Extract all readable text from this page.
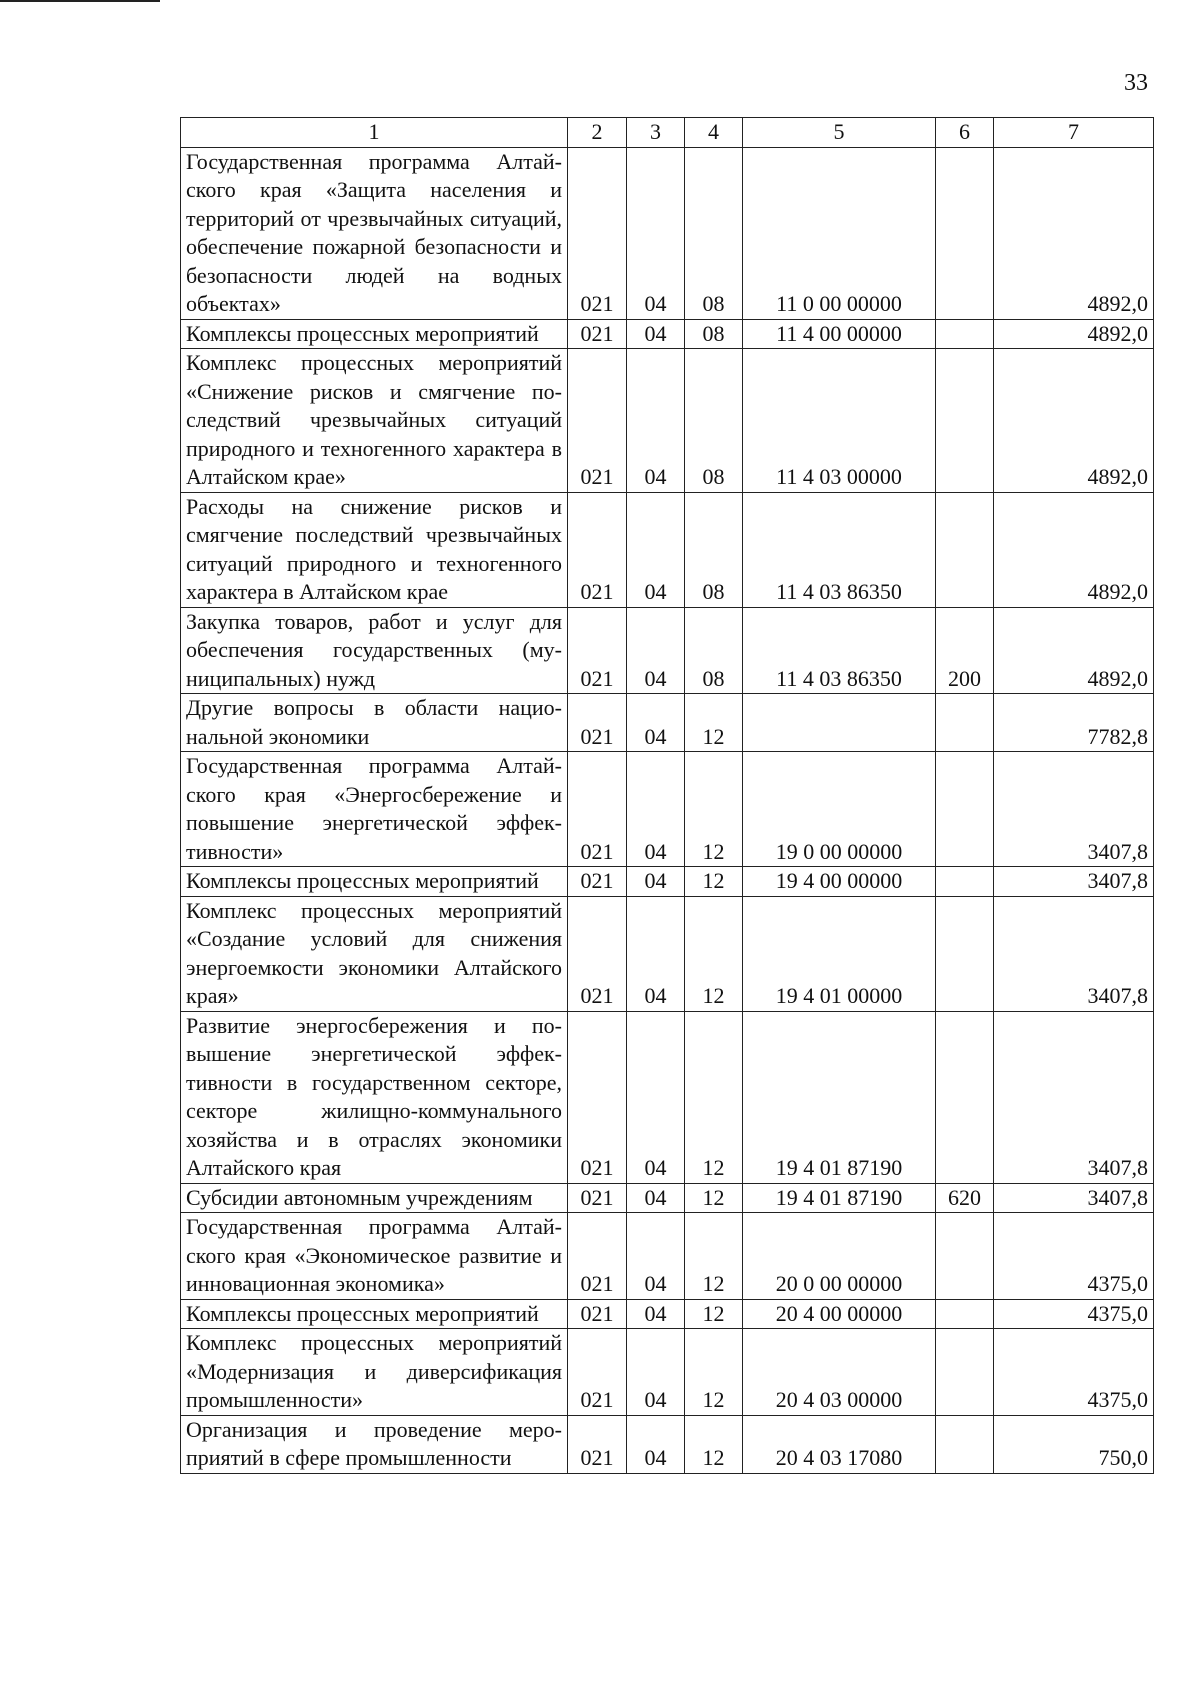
33
1	2	3	4	5	6	7
Государственная программа Алтайского края «Защита населения и территорий от чрезвычайных ситуаций, обеспечение пожарной безопасности и безопасности людей на водных объектах»	021	04	08	11 0 00 00000		4892,0
Комплексы процессных мероприятий	021	04	08	11 4 00 00000		4892,0
Комплекс процессных мероприятий «Снижение рисков и смягчение последствий чрезвычайных ситуаций природного и техногенного характера в Алтайском крае»	021	04	08	11 4 03 00000		4892,0
Расходы на снижение рисков и смягчение последствий чрезвычайных ситуаций природного и техногенного характера в Алтайском крае	021	04	08	11 4 03 86350		4892,0
Закупка товаров, работ и услуг для обеспечения государственных (муниципальных) нужд	021	04	08	11 4 03 86350	200	4892,0
Другие вопросы в области национальной экономики	021	04	12			7782,8
Государственная программа Алтайского края «Энергосбережение и повышение энергетической эффективности»	021	04	12	19 0 00 00000		3407,8
Комплексы процессных мероприятий	021	04	12	19 4 00 00000		3407,8
Комплекс процессных мероприятий «Создание условий для снижения энергоемкости экономики Алтайского края»	021	04	12	19 4 01 00000		3407,8
Развитие энергосбережения и повышение энергетической эффективности в государственном секторе, секторе жилищно-коммунального хозяйства и в отраслях экономики Алтайского края	021	04	12	19 4 01 87190		3407,8
Субсидии автономным учреждениям	021	04	12	19 4 01 87190	620	3407,8
Государственная программа Алтайского края «Экономическое развитие и инновационная экономика»	021	04	12	20 0 00 00000		4375,0
Комплексы процессных мероприятий	021	04	12	20 4 00 00000		4375,0
Комплекс процессных мероприятий «Модернизация и диверсификация промышленности»	021	04	12	20 4 03 00000		4375,0
Организация и проведение мероприятий в сфере промышленности	021	04	12	20 4 03 17080		750,0
